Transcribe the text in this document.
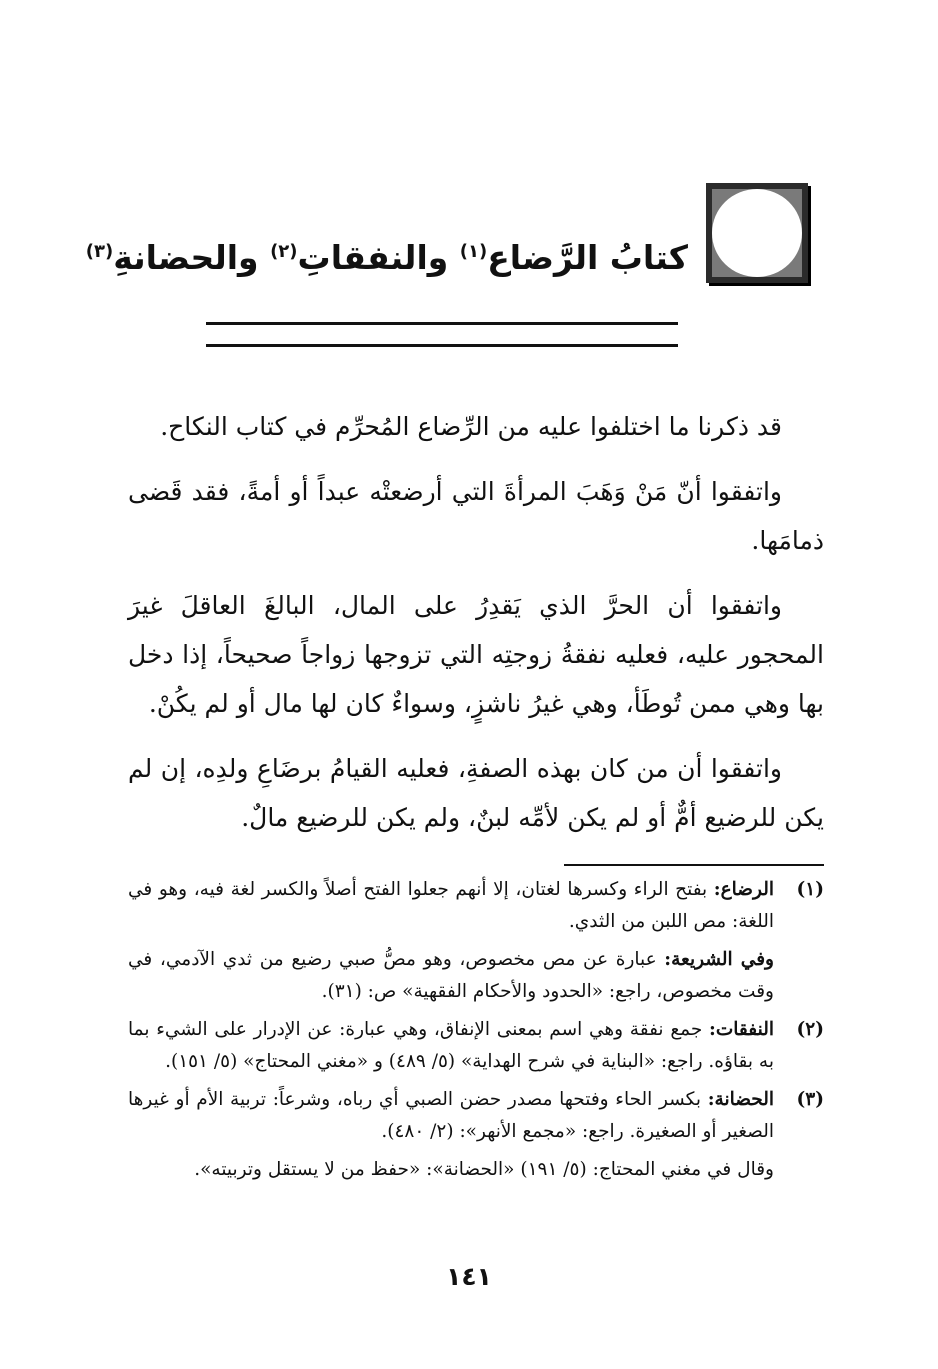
كتابُ الرَّضاع$^{(١)}$ والنفقاتِ$^{(٢)}$ والحضانةِ$^{(٣)}$

قد ذكرنا ما اختلفوا عليه من الرِّضاع المُحرِّم في كتاب النكاح.

واتفقوا أنّ مَنْ وَهَبَ المرأةَ التي أرضعتْه عبداً أو أمةً، فقد قَضى ذمامَها.

واتفقوا أن الحرَّ الذي يَقدِرُ على المال، البالغَ العاقلَ غيرَ المحجور عليه، فعليه نفقةُ زوجتِه التي تزوجها زواجاً صحيحاً، إذا دخل بها وهي ممن تُوطَأ، وهي غيرُ ناشزٍ، وسواءٌ كان لها مال أو لم يكُنْ.

واتفقوا أن من كان بهذه الصفةِ، فعليه القيامُ برضَاعِ ولدِه، إن لم يكن للرضيع أمٌّ أو لم يكن لأمِّه لبنٌ، ولم يكن للرضيع مالٌ.

(١)

الرضاع: بفتح الراء وكسرها لغتان، إلا أنهم جعلوا الفتح أصلاً والكسر لغة فيه، وهو في اللغة: مص اللبن من الثدي.

وفي الشريعة: عبارة عن مص مخصوص، وهو مصُّ صبي رضيع من ثدي الآدمي، في وقت مخصوص، راجع: «الحدود والأحكام الفقهية» ص: (٣١).

(٢)

النفقات: جمع نفقة وهي اسم بمعنى الإنفاق، وهي عبارة: عن الإدرار على الشيء بما به بقاؤه. راجع: «البناية في شرح الهداية» (٥/ ٤٨٩) و «مغني المحتاج» (٥/ ١٥١).

(٣)

الحضانة: بكسر الحاء وفتحها مصدر حضن الصبي أي رباه، وشرعاً: تربية الأم أو غيرها الصغير أو الصغيرة. راجع: «مجمع الأنهر»: (٢/ ٤٨٠).

وقال في مغني المحتاج: (٥/ ١٩١) «الحضانة»: «حفظ من لا يستقل وتربيته».

١٤١
